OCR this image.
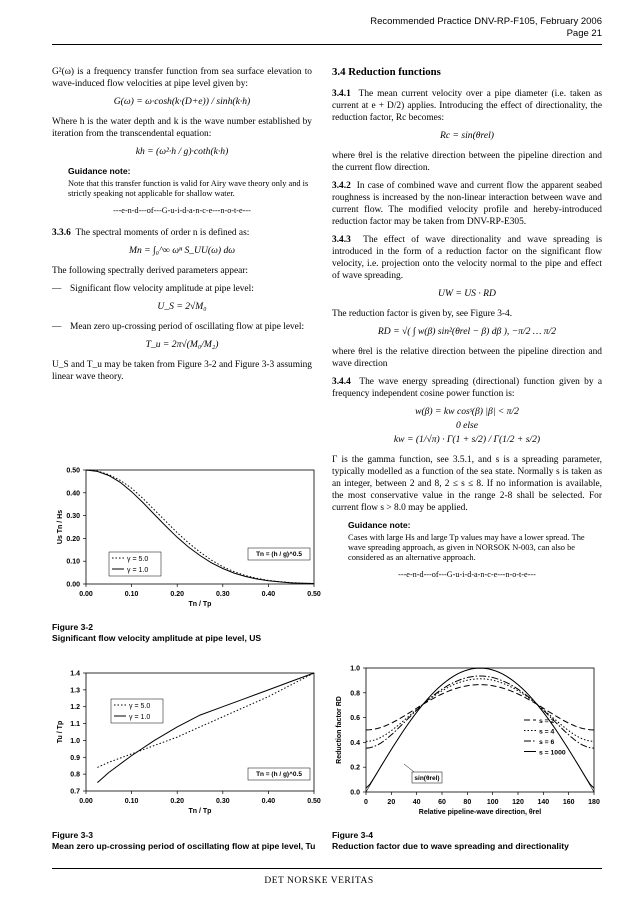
Recommended Practice DNV-RP-F105, February 2006
Page 21

G²(ω) is a frequency transfer function from sea surface elevation to wave-induced flow velocities at pipe level given by:

G(ω) = ω·cosh(k·(D+e)) / sinh(k·h)

Where h is the water depth and k is the wave number established by iteration from the transcendental equation:

kh = (ω²·h / g)·coth(k·h)
Guidance note:
Note that this transfer function is valid for Airy wave theory only and is strictly speaking not applicable for shallow water.
---e-n-d---of---G-u-i-d-a-n-c-e---n-o-t-e---

3.3.6 The spectral moments of order n is defined as:

Mn = ∫₀^∞ ωⁿ S_UU(ω) dω

The following spectrally derived parameters appear:

— Significant flow velocity amplitude at pipe level:
U_S = 2√M₀
— Mean zero up-crossing period of oscillating flow at pipe level:
T_u = 2π√(M₀/M₂)

U_S and T_u may be taken from Figure 3-2 and Figure 3-3 assuming linear wave theory.

3.4 Reduction functions

3.4.1 The mean current velocity over a pipe diameter (i.e. taken as current at e + D/2) applies. Introducing the effect of directionality, the reduction factor, Rc becomes:

Rc = sin(θrel)

where θrel is the relative direction between the pipeline direction and the current flow direction.

3.4.2 In case of combined wave and current flow the apparent seabed roughness is increased by the non-linear interaction between wave and current flow. The modified velocity profile and hereby-introduced reduction factor may be taken from DNV-RP-E305.

3.4.3 The effect of wave directionality and wave spreading is introduced in the form of a reduction factor on the significant flow velocity, i.e. projection onto the velocity normal to the pipe and effect of wave spreading.

UW = US · RD

The reduction factor is given by, see Figure 3-4.

RD = √( ∫ w(β) sin²(θrel − β) dβ ), −π/2 … π/2

where θrel is the relative direction between the pipeline direction and wave direction

3.4.4 The wave energy spreading (directional) function given by a frequency independent cosine power function is:

w(β) = kw cosˢ(β) |β| < π/2
0 else
kw = (1/√π) · Γ(1 + s/2) / Γ(1/2 + s/2)

Γ is the gamma function, see 3.5.1, and s is a spreading parameter, typically modelled as a function of the sea state. Normally s is taken as an integer, between 2 and 8, 2 ≤ s ≤ 8. If no information is available, the most conservative value in the range 2-8 shall be selected. For current flow s > 8.0 may be applied.

Guidance note:
Cases with large Hs and large Tp values may have a lower spread. The wave spreading approach, as given in NORSOK N-003, can also be considered as an alternative approach.
---e-n-d---of---G-u-i-d-a-n-c-e---n-o-t-e---
0.00	0.10	0.20	0.30	0.40	0.50
0.00
0.10
0.20
0.30
0.40
0.50
Tn / Tp
Us Tn / Hs
γ = 5.0
γ = 1.0
Tn = (h / g)^0.5
Figure 3-2
Significant flow velocity amplitude at pipe level, US
0.00	0.10	0.20	0.30	0.40	0.50
0.7
0.8
0.9
1.0
1.1
1.2
1.3
1.4
Tn / Tp
Tu / Tp
γ = 5.0
γ = 1.0
Tn = (h / g)^0.5
Figure 3-3
Mean zero up-crossing period of oscillating flow at pipe level, Tu
0	20	40	60	80 100 120 140 160 180
0.0
0.2
0.4
0.6
0.8
1.0
Relative pipeline-wave direction, θrel
Reduction factor RD	s = 2
s = 4
s = 6
s = 1000
sin(θrel)
Figure 3-4
Reduction factor due to wave spreading and directionality
DET NORSKE VERITAS
